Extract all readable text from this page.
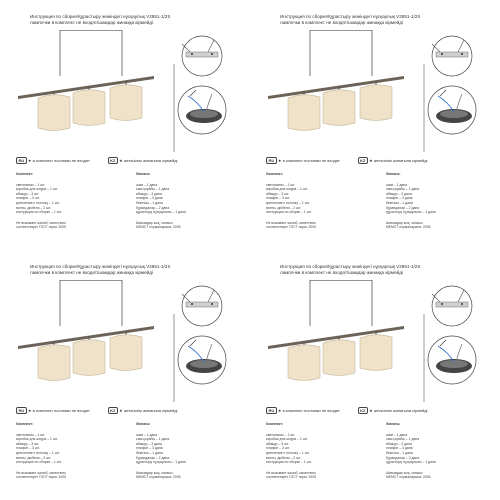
Инструкция по сборке/Құрастыру жөніндегі нұсқаулық V2851-1/2S
лампочки в комплект не входят/шамдар жинаққа кірмейді
RU ★ в комплект поставки не входит	KZ ★ жеткізілім жинағына кірмейді
Комплект:
светильник – 1 шт.
коробка для шнура – 1 шт.
абажур – 3 шт.
плафон – 3 шт.
крепление к потолку – 1 шт.
винты, дюбели – 2 шт.
инструкция по сборке – 1 шт.
Не вызывает жалоб, качеством
соответствует ГОСТ норм: 2005
Жинағы:
шам – 1 дана
сым қорабы – 1 дана
абажур – 3 дана
плафон – 3 дана
бекіткіш – 1 дана
бұрандалар – 2 дана
құрастыру нұсқаулығы – 1 дана
Шағымдар жоқ, сапасы
МЕМСТ нормаларына: 2005
Инструкция по сборке/Құрастыру жөніндегі нұсқаулық V2851-1/2S
лампочки в комплект не входят/шамдар жинаққа кірмейді
RU ★ в комплект поставки не входит	KZ ★ жеткізілім жинағына кірмейді
Комплект:
светильник – 1 шт.
коробка для шнура – 1 шт.
абажур – 3 шт.
плафон – 3 шт.
крепление к потолку – 1 шт.
винты, дюбели – 2 шт.
инструкция по сборке – 1 шт.
Не вызывает жалоб, качеством
соответствует ГОСТ норм: 2005
Жинағы:
шам – 1 дана
сым қорабы – 1 дана
абажур – 3 дана
плафон – 3 дана
бекіткіш – 1 дана
бұрандалар – 2 дана
құрастыру нұсқаулығы – 1 дана
Шағымдар жоқ, сапасы
МЕМСТ нормаларына: 2005
Инструкция по сборке/Құрастыру жөніндегі нұсқаулық V2851-1/2S
лампочки в комплект не входят/шамдар жинаққа кірмейді
RU ★ в комплект поставки не входит	KZ ★ жеткізілім жинағына кірмейді
Комплект:
светильник – 1 шт.
коробка для шнура – 1 шт.
абажур – 3 шт.
плафон – 3 шт.
крепление к потолку – 1 шт.
винты, дюбели – 2 шт.
инструкция по сборке – 1 шт.
Не вызывает жалоб, качеством
соответствует ГОСТ норм: 2005
Жинағы:
шам – 1 дана
сым қорабы – 1 дана
абажур – 3 дана
плафон – 3 дана
бекіткіш – 1 дана
бұрандалар – 2 дана
құрастыру нұсқаулығы – 1 дана
Шағымдар жоқ, сапасы
МЕМСТ нормаларына: 2005
Инструкция по сборке/Құрастыру жөніндегі нұсқаулық V2851-1/2S
лампочки в комплект не входят/шамдар жинаққа кірмейді
RU ★ в комплект поставки не входит	KZ ★ жеткізілім жинағына кірмейді
Комплект:
светильник – 1 шт.
коробка для шнура – 1 шт.
абажур – 3 шт.
плафон – 3 шт.
крепление к потолку – 1 шт.
винты, дюбели – 2 шт.
инструкция по сборке – 1 шт.
Не вызывает жалоб, качеством
соответствует ГОСТ норм: 2005
Жинағы:
шам – 1 дана
сым қорабы – 1 дана
абажур – 3 дана
плафон – 3 дана
бекіткіш – 1 дана
бұрандалар – 2 дана
құрастыру нұсқаулығы – 1 дана
Шағымдар жоқ, сапасы
МЕМСТ нормаларына: 2005
